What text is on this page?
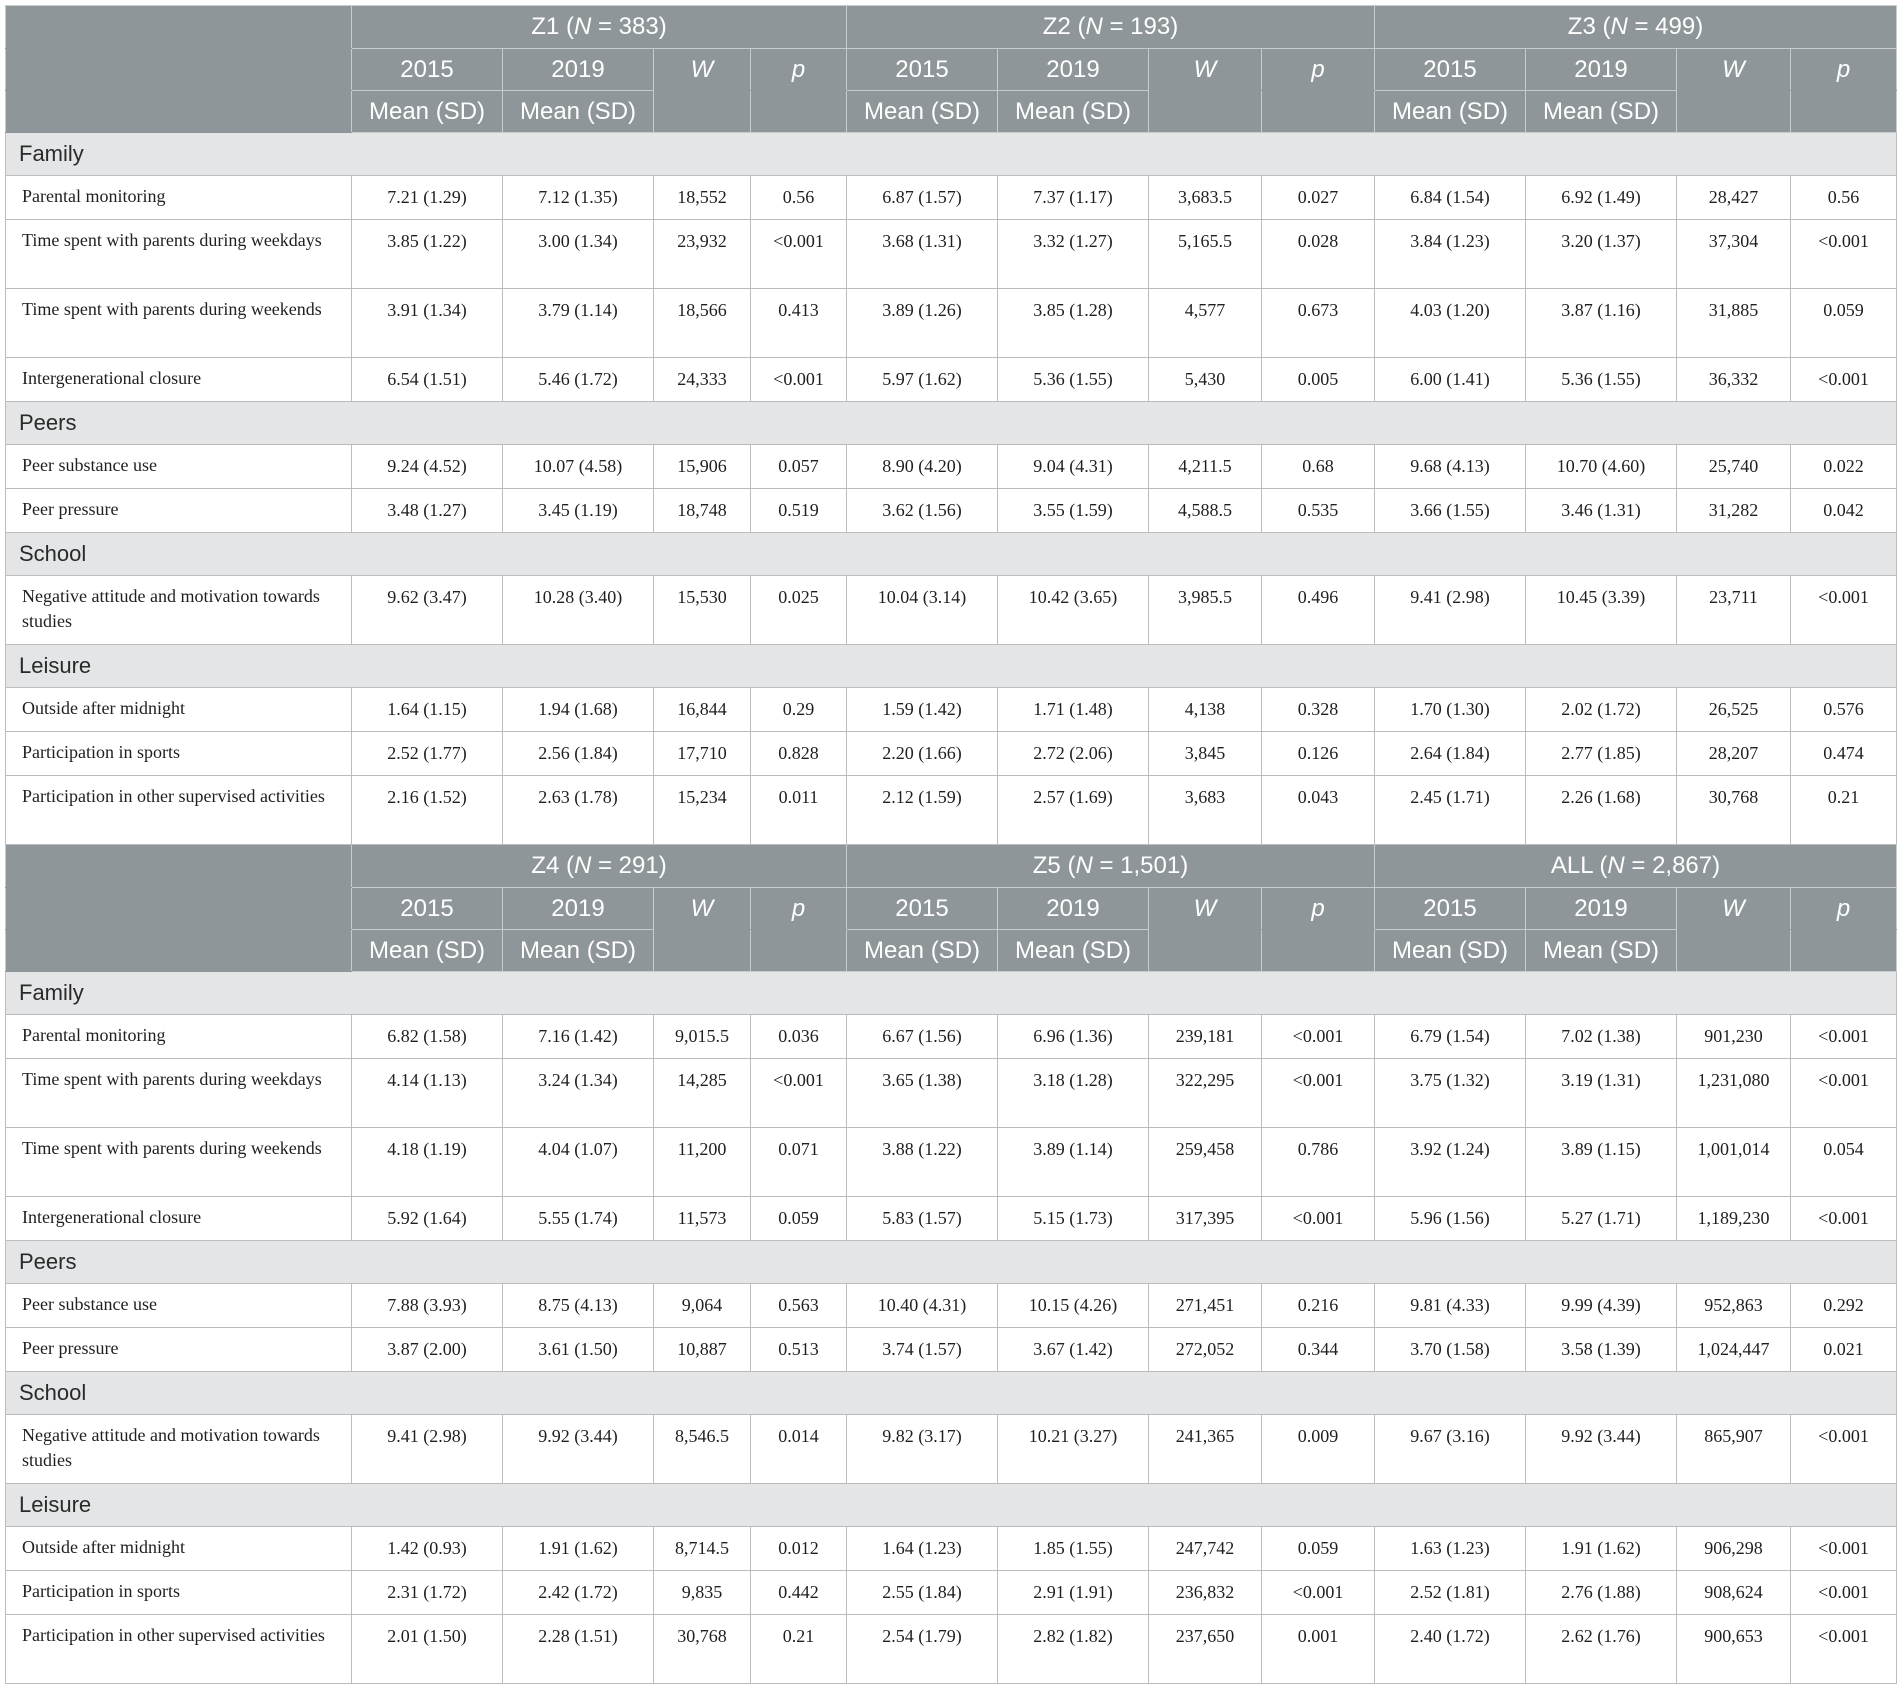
	Z1 (N = 383)				Z2 (N = 193)				Z3 (N = 499)			
	2015	2019	W	p	2015	2019	W	p	2015	2019	W	p
	Mean (SD)	Mean (SD)			Mean (SD)	Mean (SD)			Mean (SD)	Mean (SD)		
Family												
Parental monitoring	7.21 (1.29)	7.12 (1.35)	18,552	0.56	6.87 (1.57)	7.37 (1.17)	3,683.5	0.027	6.84 (1.54)	6.92 (1.49)	28,427	0.56
Time spent with parents during weekdays	3.85 (1.22)	3.00 (1.34)	23,932	<0.001	3.68 (1.31)	3.32 (1.27)	5,165.5	0.028	3.84 (1.23)	3.20 (1.37)	37,304	<0.001
Time spent with parents during weekends	3.91 (1.34)	3.79 (1.14)	18,566	0.413	3.89 (1.26)	3.85 (1.28)	4,577	0.673	4.03 (1.20)	3.87 (1.16)	31,885	0.059
Intergenerational closure	6.54 (1.51)	5.46 (1.72)	24,333	<0.001	5.97 (1.62)	5.36 (1.55)	5,430	0.005	6.00 (1.41)	5.36 (1.55)	36,332	<0.001
Peers												
Peer substance use	9.24 (4.52)	10.07 (4.58)	15,906	0.057	8.90 (4.20)	9.04 (4.31)	4,211.5	0.68	9.68 (4.13)	10.70 (4.60)	25,740	0.022
Peer pressure	3.48 (1.27)	3.45 (1.19)	18,748	0.519	3.62 (1.56)	3.55 (1.59)	4,588.5	0.535	3.66 (1.55)	3.46 (1.31)	31,282	0.042
School												
Negative attitude and motivation towards studies	9.62 (3.47)	10.28 (3.40)	15,530	0.025	10.04 (3.14)	10.42 (3.65)	3,985.5	0.496	9.41 (2.98)	10.45 (3.39)	23,711	<0.001
Leisure												
Outside after midnight	1.64 (1.15)	1.94 (1.68)	16,844	0.29	1.59 (1.42)	1.71 (1.48)	4,138	0.328	1.70 (1.30)	2.02 (1.72)	26,525	0.576
Participation in sports	2.52 (1.77)	2.56 (1.84)	17,710	0.828	2.20 (1.66)	2.72 (2.06)	3,845	0.126	2.64 (1.84)	2.77 (1.85)	28,207	0.474
Participation in other supervised activities	2.16 (1.52)	2.63 (1.78)	15,234	0.011	2.12 (1.59)	2.57 (1.69)	3,683	0.043	2.45 (1.71)	2.26 (1.68)	30,768	0.21
	Z4 (N = 291)				Z5 (N = 1,501)				ALL (N = 2,867)			
	2015	2019	W	p	2015	2019	W	p	2015	2019	W	p
	Mean (SD)	Mean (SD)			Mean (SD)	Mean (SD)			Mean (SD)	Mean (SD)		
Family												
Parental monitoring	6.82 (1.58)	7.16 (1.42)	9,015.5	0.036	6.67 (1.56)	6.96 (1.36)	239,181	<0.001	6.79 (1.54)	7.02 (1.38)	901,230	<0.001
Time spent with parents during weekdays	4.14 (1.13)	3.24 (1.34)	14,285	<0.001	3.65 (1.38)	3.18 (1.28)	322,295	<0.001	3.75 (1.32)	3.19 (1.31)	1,231,080	<0.001
Time spent with parents during weekends	4.18 (1.19)	4.04 (1.07)	11,200	0.071	3.88 (1.22)	3.89 (1.14)	259,458	0.786	3.92 (1.24)	3.89 (1.15)	1,001,014	0.054
Intergenerational closure	5.92 (1.64)	5.55 (1.74)	11,573	0.059	5.83 (1.57)	5.15 (1.73)	317,395	<0.001	5.96 (1.56)	5.27 (1.71)	1,189,230	<0.001
Peers												
Peer substance use	7.88 (3.93)	8.75 (4.13)	9,064	0.563	10.40 (4.31)	10.15 (4.26)	271,451	0.216	9.81 (4.33)	9.99 (4.39)	952,863	0.292
Peer pressure	3.87 (2.00)	3.61 (1.50)	10,887	0.513	3.74 (1.57)	3.67 (1.42)	272,052	0.344	3.70 (1.58)	3.58 (1.39)	1,024,447	0.021
School												
Negative attitude and motivation towards studies	9.41 (2.98)	9.92 (3.44)	8,546.5	0.014	9.82 (3.17)	10.21 (3.27)	241,365	0.009	9.67 (3.16)	9.92 (3.44)	865,907	<0.001
Leisure												
Outside after midnight	1.42 (0.93)	1.91 (1.62)	8,714.5	0.012	1.64 (1.23)	1.85 (1.55)	247,742	0.059	1.63 (1.23)	1.91 (1.62)	906,298	<0.001
Participation in sports	2.31 (1.72)	2.42 (1.72)	9,835	0.442	2.55 (1.84)	2.91 (1.91)	236,832	<0.001	2.52 (1.81)	2.76 (1.88)	908,624	<0.001
Participation in other supervised activities	2.01 (1.50)	2.28 (1.51)	30,768	0.21	2.54 (1.79)	2.82 (1.82)	237,650	0.001	2.40 (1.72)	2.62 (1.76)	900,653	<0.001
